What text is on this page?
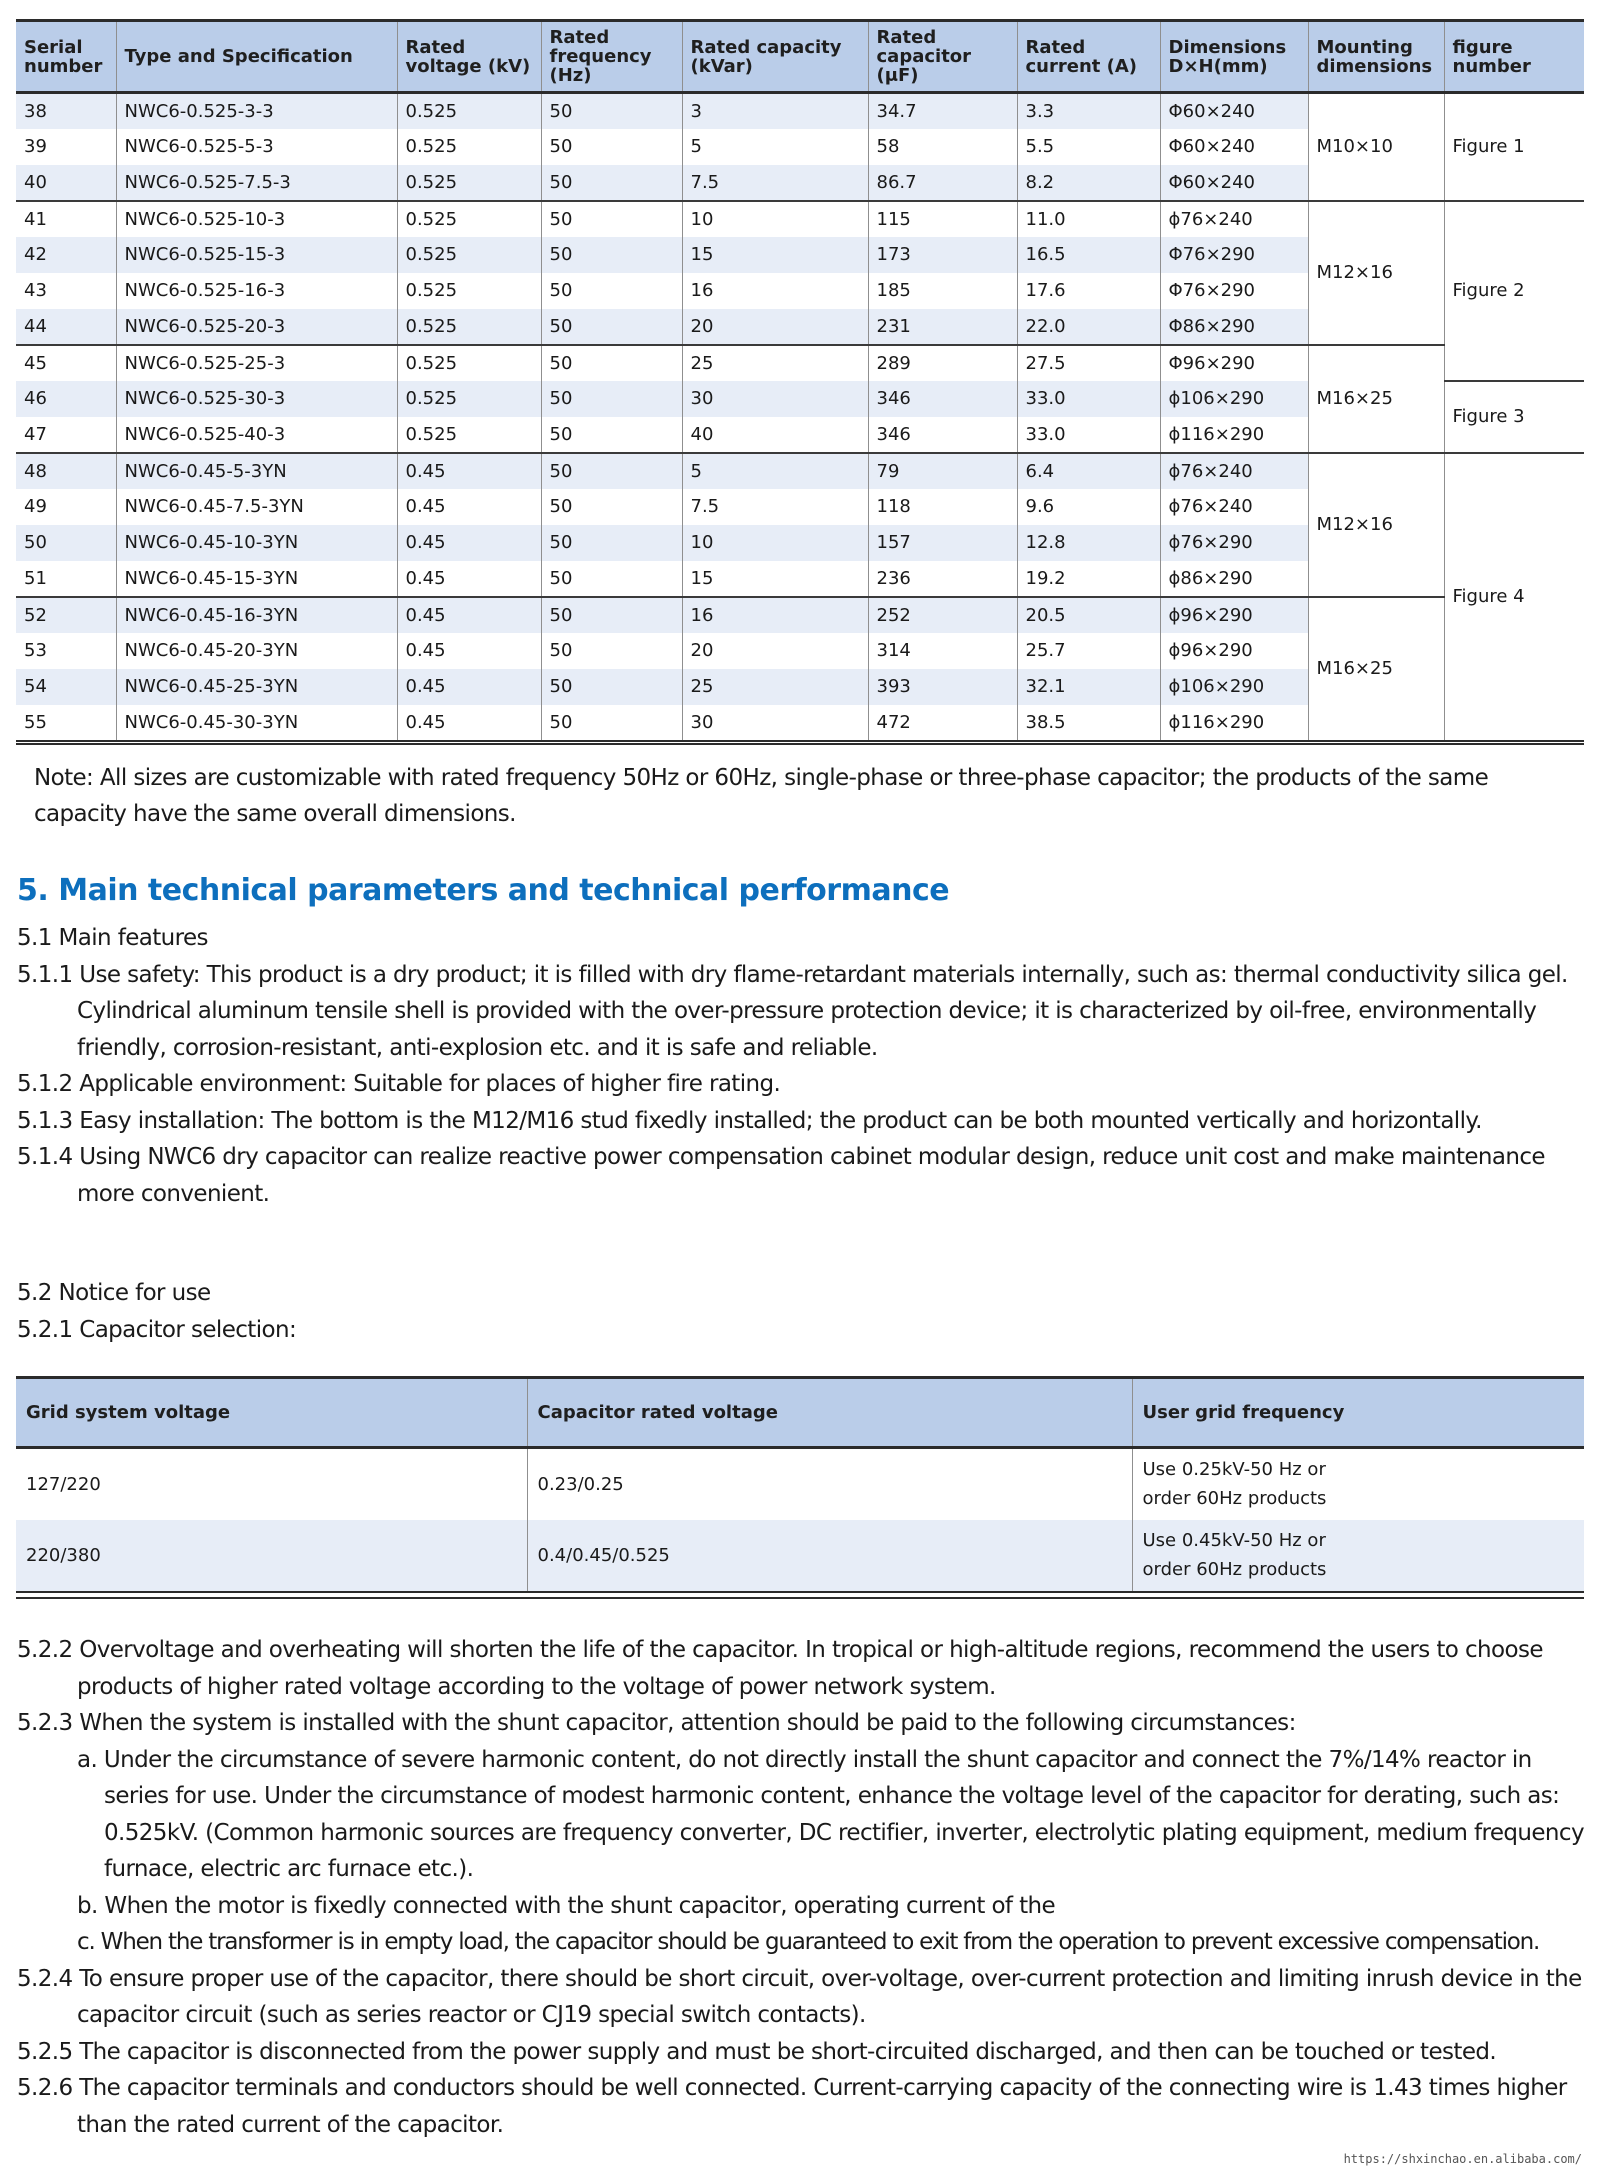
Serial number	Type and Specification	Rated voltage (kV)	Rated frequency (Hz)	Rated capacity (kVar)	Rated capacitor (μF)	Rated current (A)	Dimensions D×H(mm)	Mounting dimensions	figure number
38	NWC6-0.525-3-3	0.525	50	3	34.7	3.3	Φ60×240	M10×10	Figure 1
39	NWC6-0.525-5-3	0.525	50	5	58	5.5	Φ60×240		
40	NWC6-0.525-7.5-3	0.525	50	7.5	86.7	8.2	Φ60×240		
41	NWC6-0.525-10-3	0.525	50	10	115	11.0	ϕ76×240	M12×16	Figure 2
42	NWC6-0.525-15-3	0.525	50	15	173	16.5	Φ76×290		
43	NWC6-0.525-16-3	0.525	50	16	185	17.6	Φ76×290		
44	NWC6-0.525-20-3	0.525	50	20	231	22.0	Φ86×290		
45	NWC6-0.525-25-3	0.525	50	25	289	27.5	Φ96×290	M16×25	
46	NWC6-0.525-30-3	0.525	50	30	346	33.0	ϕ106×290		Figure 3
47	NWC6-0.525-40-3	0.525	50	40	346	33.0	ϕ116×290		
48	NWC6-0.45-5-3YN	0.45	50	5	79	6.4	ϕ76×240	M12×16	Figure 4
49	NWC6-0.45-7.5-3YN	0.45	50	7.5	118	9.6	ϕ76×240		
50	NWC6-0.45-10-3YN	0.45	50	10	157	12.8	ϕ76×290		
51	NWC6-0.45-15-3YN	0.45	50	15	236	19.2	ϕ86×290		
52	NWC6-0.45-16-3YN	0.45	50	16	252	20.5	ϕ96×290	M16×25	
53	NWC6-0.45-20-3YN	0.45	50	20	314	25.7	ϕ96×290		
54	NWC6-0.45-25-3YN	0.45	50	25	393	32.1	ϕ106×290		
55	NWC6-0.45-30-3YN	0.45	50	30	472	38.5	ϕ116×290		

Note: All sizes are customizable with rated frequency 50Hz or 60Hz, single-phase or three-phase capacitor; the products of the same capacity have the same overall dimensions.

5. Main technical parameters and technical performance
5.1 Main features
5.1.1 Use safety: This product is a dry product; it is filled with dry flame-retardant materials internally, such as: thermal conductivity silica gel. Cylindrical aluminum tensile shell is provided with the over-pressure protection device; it is characterized by oil-free, environmentally friendly, corrosion-resistant, anti-explosion etc. and it is safe and reliable.
5.1.2 Applicable environment: Suitable for places of higher fire rating.
5.1.3 Easy installation: The bottom is the M12/M16 stud fixedly installed; the product can be both mounted vertically and horizontally.
5.1.4 Using NWC6 dry capacitor can realize reactive power compensation cabinet modular design, reduce unit cost and make maintenance more convenient.
5.2 Notice for use
5.2.1 Capacitor selection:
Grid system voltage	Capacitor rated voltage	User grid frequency
127/220	0.23/0.25	Use 0.25kV-50 Hz or
order 60Hz products

220/380	0.4/0.45/0.525	Use 0.45kV-50 Hz or
order 60Hz products
5.2.2 Overvoltage and overheating will shorten the life of the capacitor. In tropical or high-altitude regions, recommend the users to choose products of higher rated voltage according to the voltage of power network system.
5.2.3 When the system is installed with the shunt capacitor, attention should be paid to the following circumstances:
a. Under the circumstance of severe harmonic content, do not directly install the shunt capacitor and connect the 7%/14% reactor in series for use. Under the circumstance of modest harmonic content, enhance the voltage level of the capacitor for derating, such as: 0.525kV. (Common harmonic sources are frequency converter, DC rectifier, inverter, electrolytic plating equipment, medium frequency furnace, electric arc furnace etc.).
b. When the motor is fixedly connected with the shunt capacitor, operating current of the
c. When the transformer is in empty load, the capacitor should be guaranteed to exit from the operation to prevent excessive compensation.
5.2.4 To ensure proper use of the capacitor, there should be short circuit, over-voltage, over-current protection and limiting inrush device in the capacitor circuit (such as series reactor or CJ19 special switch contacts).
5.2.5 The capacitor is disconnected from the power supply and must be short-circuited discharged, and then can be touched or tested.
5.2.6 The capacitor terminals and conductors should be well connected. Current-carrying capacity of the connecting wire is 1.43 times higher than the rated current of the capacitor.
https://shxinchao.en.alibaba.com/
